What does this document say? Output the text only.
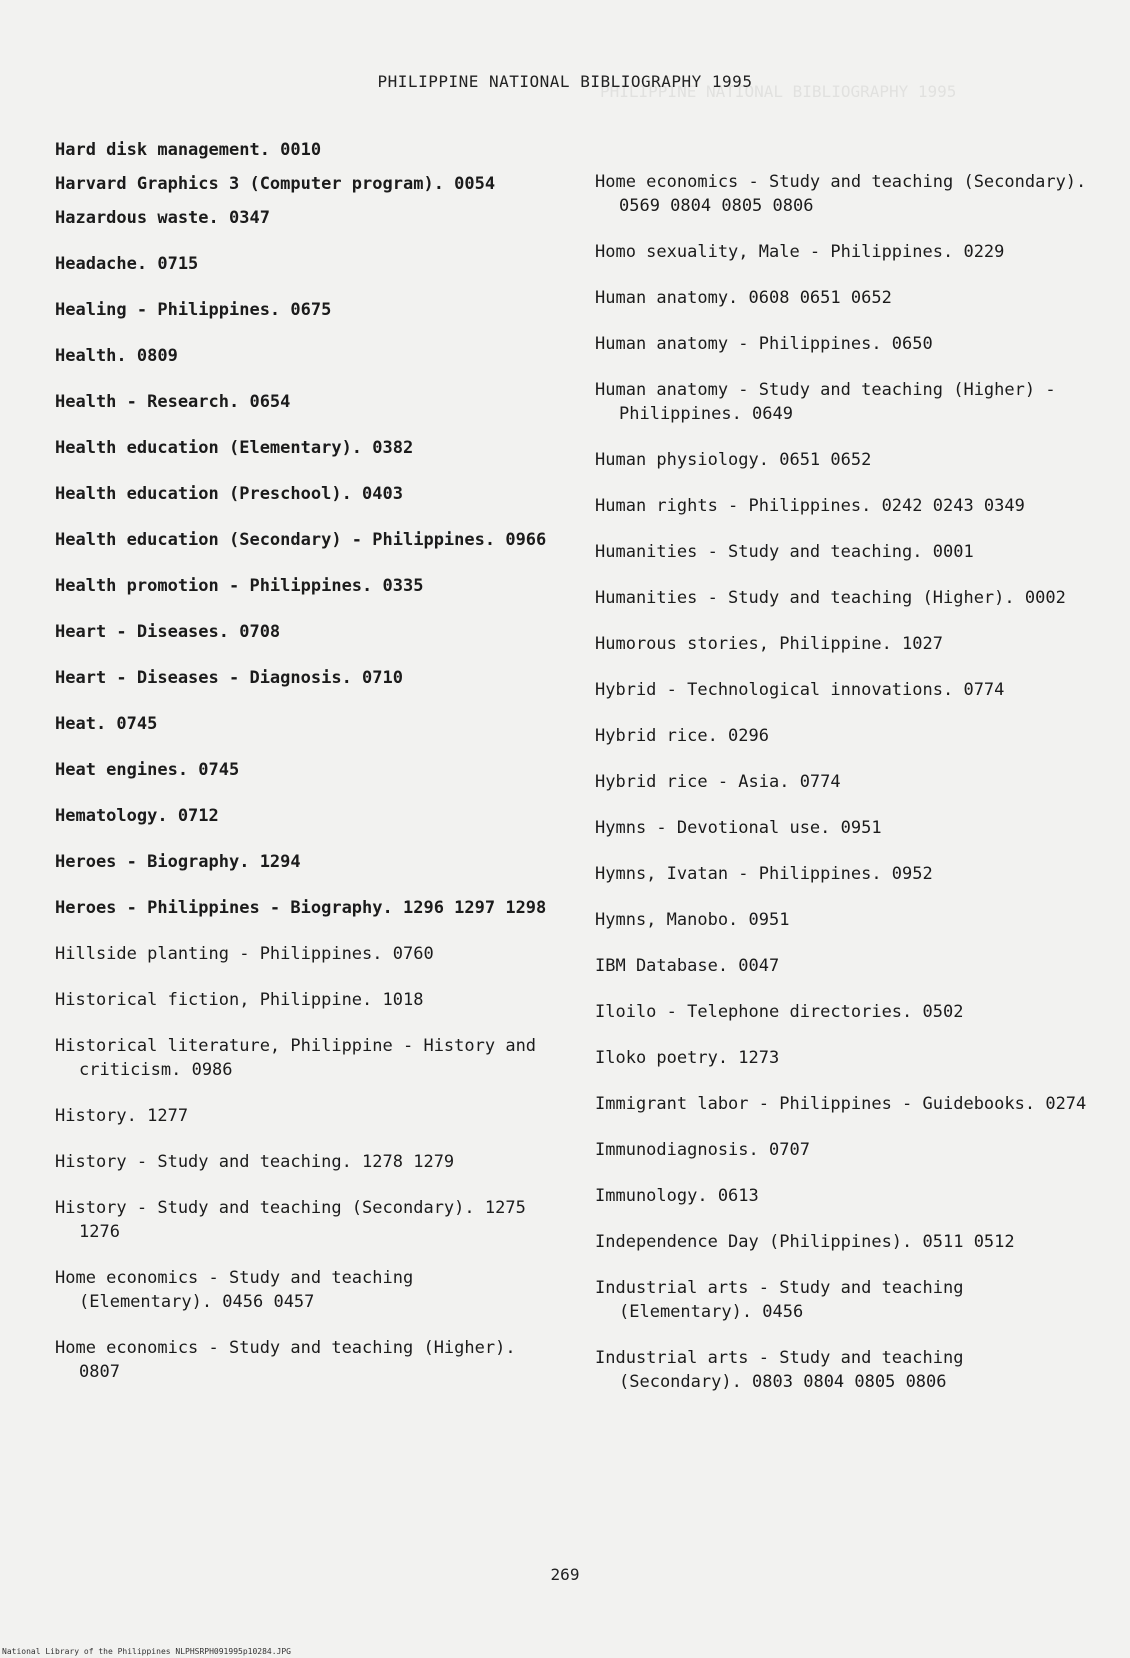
PHILIPPINE NATIONAL BIBLIOGRAPHY 1995
PHILIPPINE NATIONAL BIBLIOGRAPHY 1995
Hard disk management. 0010
Harvard Graphics 3 (Computer program). 0054
Hazardous waste. 0347
Headache. 0715
Healing - Philippines. 0675
Health. 0809
Health - Research. 0654
Health education (Elementary). 0382
Health education (Preschool). 0403
Health education (Secondary) - Philippines. 0966
Health promotion - Philippines. 0335
Heart - Diseases. 0708
Heart - Diseases - Diagnosis. 0710
Heat. 0745
Heat engines. 0745
Hematology. 0712
Heroes - Biography. 1294
Heroes - Philippines - Biography. 1296 1297 1298
Hillside planting - Philippines. 0760
Historical fiction, Philippine. 1018
Historical literature, Philippine - History and criticism. 0986
History. 1277
History - Study and teaching. 1278 1279
History - Study and teaching (Secondary). 1275 1276
Home economics - Study and teaching (Elementary). 0456 0457
Home economics - Study and teaching (Higher). 0807
Home economics - Study and teaching (Secondary). 0569 0804 0805 0806
Homo sexuality, Male - Philippines. 0229
Human anatomy. 0608 0651 0652
Human anatomy - Philippines. 0650
Human anatomy - Study and teaching (Higher) - Philippines. 0649
Human physiology. 0651 0652
Human rights - Philippines. 0242 0243 0349
Humanities - Study and teaching. 0001
Humanities - Study and teaching (Higher). 0002
Humorous stories, Philippine. 1027
Hybrid - Technological innovations. 0774
Hybrid rice. 0296
Hybrid rice - Asia. 0774
Hymns - Devotional use. 0951
Hymns, Ivatan - Philippines. 0952
Hymns, Manobo. 0951
IBM Database. 0047
Iloilo - Telephone directories. 0502
Iloko poetry. 1273
Immigrant labor - Philippines - Guidebooks. 0274
Immunodiagnosis. 0707
Immunology. 0613
Independence Day (Philippines). 0511 0512
Industrial arts - Study and teaching (Elementary). 0456
Industrial arts - Study and teaching (Secondary). 0803 0804 0805 0806
269
National Library of the Philippines NLPHSRPH091995p10284.JPG
